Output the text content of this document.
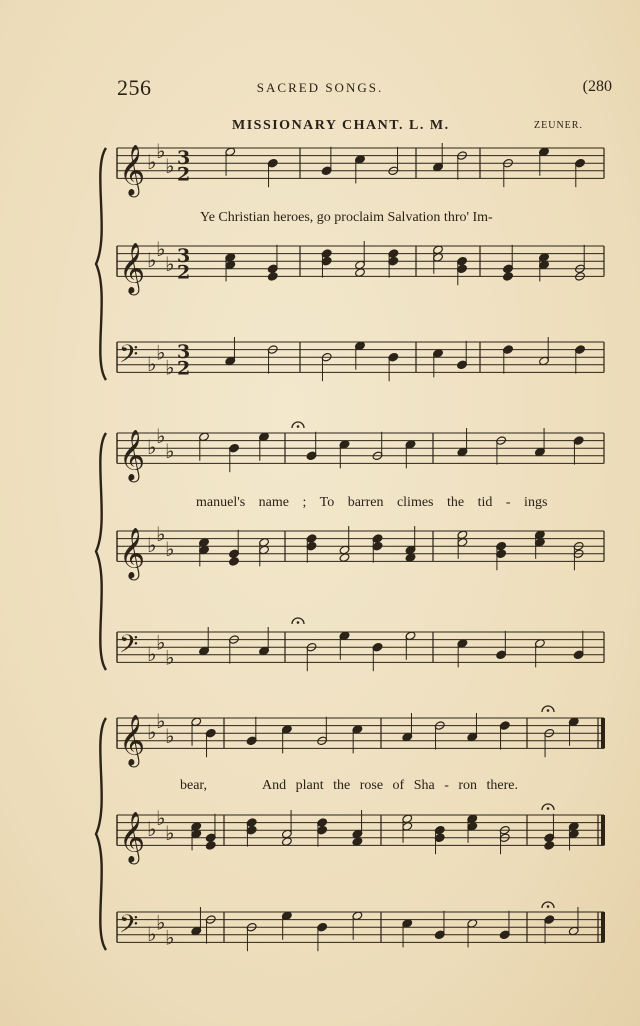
256	SACRED SONGS.	(280
MISSIONARY CHANT. L. M.	ZEUNER.
𝄞 ♭ ♭
♭ 3
2
𝄞 ♭ ♭
♭ 3
2
𝄢 ♭ ♭
♭
3
2
𝄞 ♭ ♭
♭
𝄞 ♭ ♭
♭
𝄢 ♭ ♭
♭
𝄞 ♭ ♭
♭
𝄞 ♭ ♭
♭
𝄢 ♭ ♭
♭
Ye Christian heroes, go proclaim Salvation thro' Im-
manuel's name ; To barren climes the tid - ings
bear,	And plant the rose of Sha - ron there.
